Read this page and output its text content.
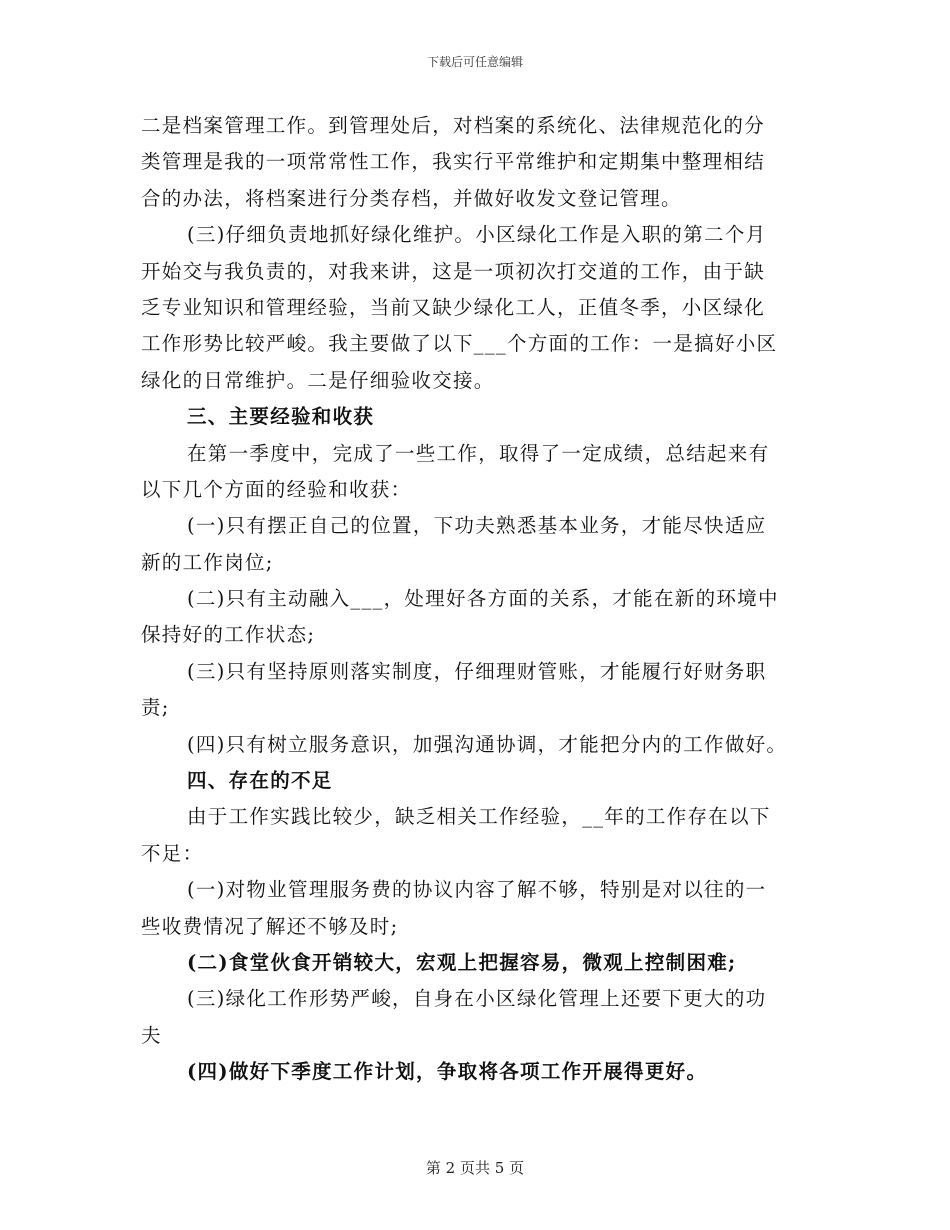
下载后可任意编辑
二是档案管理工作。到管理处后，对档案的系统化、法律规范化的分
类管理是我的一项常常性工作，我实行平常维护和定期集中整理相结
合的办法，将档案进行分类存档，并做好收发文登记管理。
(三)仔细负责地抓好绿化维护。小区绿化工作是入职的第二个月
开始交与我负责的，对我来讲，这是一项初次打交道的工作，由于缺
乏专业知识和管理经验，当前又缺少绿化工人，正值冬季，小区绿化
工作形势比较严峻。我主要做了以下___个方面的工作：一是搞好小区
绿化的日常维护。二是仔细验收交接。
三、主要经验和收获
在第一季度中，完成了一些工作，取得了一定成绩，总结起来有
以下几个方面的经验和收获：
(一)只有摆正自己的位置，下功夫熟悉基本业务，才能尽快适应
新的工作岗位;
(二)只有主动融入___，处理好各方面的关系，才能在新的环境中
保持好的工作状态;
(三)只有坚持原则落实制度，仔细理财管账，才能履行好财务职
责;
(四)只有树立服务意识，加强沟通协调，才能把分内的工作做好。
四、存在的不足
由于工作实践比较少，缺乏相关工作经验，__年的工作存在以下
不足：
(一)对物业管理服务费的协议内容了解不够，特别是对以往的一
些收费情况了解还不够及时;
(二)食堂伙食开销较大，宏观上把握容易，微观上控制困难;
(三)绿化工作形势严峻，自身在小区绿化管理上还要下更大的功
夫
(四)做好下季度工作计划，争取将各项工作开展得更好。
第 2 页共 5 页
